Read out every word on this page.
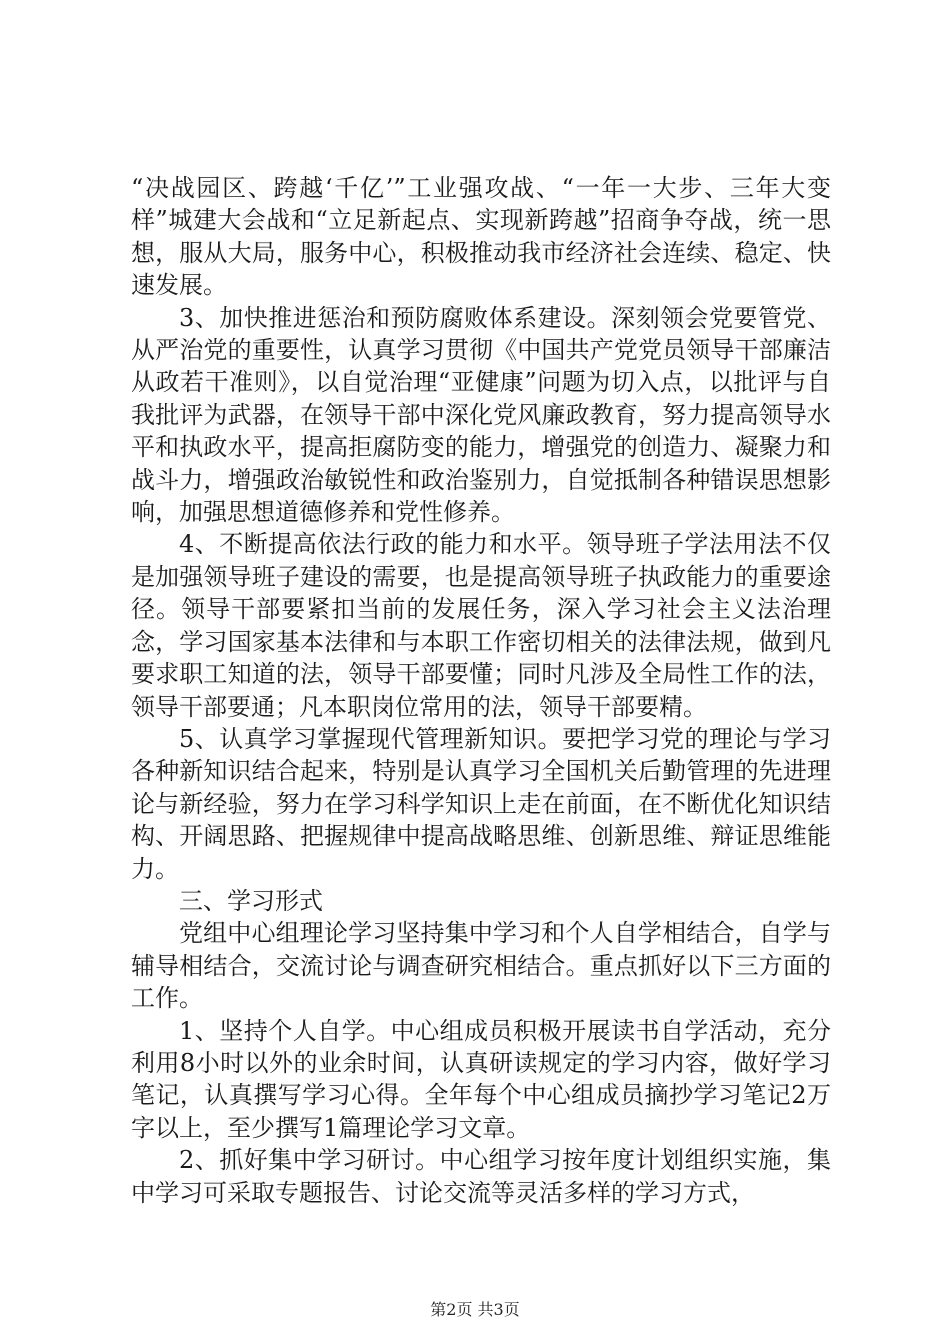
“决战园区、跨越‘千亿’”工业强攻战、“一年一大步、三年大变样”城建大会战和“立足新起点、实现新跨越”招商争夺战，统一思想，服从大局，服务中心，积极推动我市经济社会连续、稳定、快速发展。

3、加快推进惩治和预防腐败体系建设。深刻领会党要管党、从严治党的重要性，认真学习贯彻《中国共产党党员领导干部廉洁从政若干准则》，以自觉治理“亚健康”问题为切入点，以批评与自我批评为武器，在领导干部中深化党风廉政教育，努力提高领导水平和执政水平，提高拒腐防变的能力，增强党的创造力、凝聚力和战斗力，增强政治敏锐性和政治鉴别力，自觉抵制各种错误思想影响，加强思想道德修养和党性修养。

4、不断提高依法行政的能力和水平。领导班子学法用法不仅是加强领导班子建设的需要，也是提高领导班子执政能力的重要途径。领导干部要紧扣当前的发展任务，深入学习社会主义法治理念，学习国家基本法律和与本职工作密切相关的法律法规，做到凡要求职工知道的法，领导干部要懂；同时凡涉及全局性工作的法，领导干部要通；凡本职岗位常用的法，领导干部要精。

5、认真学习掌握现代管理新知识。要把学习党的理论与学习各种新知识结合起来，特别是认真学习全国机关后勤管理的先进理论与新经验，努力在学习科学知识上走在前面，在不断优化知识结构、开阔思路、把握规律中提高战略思维、创新思维、辩证思维能力。

三、学习形式

党组中心组理论学习坚持集中学习和个人自学相结合，自学与辅导相结合，交流讨论与调查研究相结合。重点抓好以下三方面的工作。

1、坚持个人自学。中心组成员积极开展读书自学活动，充分利用8小时以外的业余时间，认真研读规定的学习内容，做好学习笔记，认真撰写学习心得。全年每个中心组成员摘抄学习笔记2万字以上，至少撰写1篇理论学习文章。

2、抓好集中学习研讨。中心组学习按年度计划组织实施，集中学习可采取专题报告、讨论交流等灵活多样的学习方式，

第2页 共3页
